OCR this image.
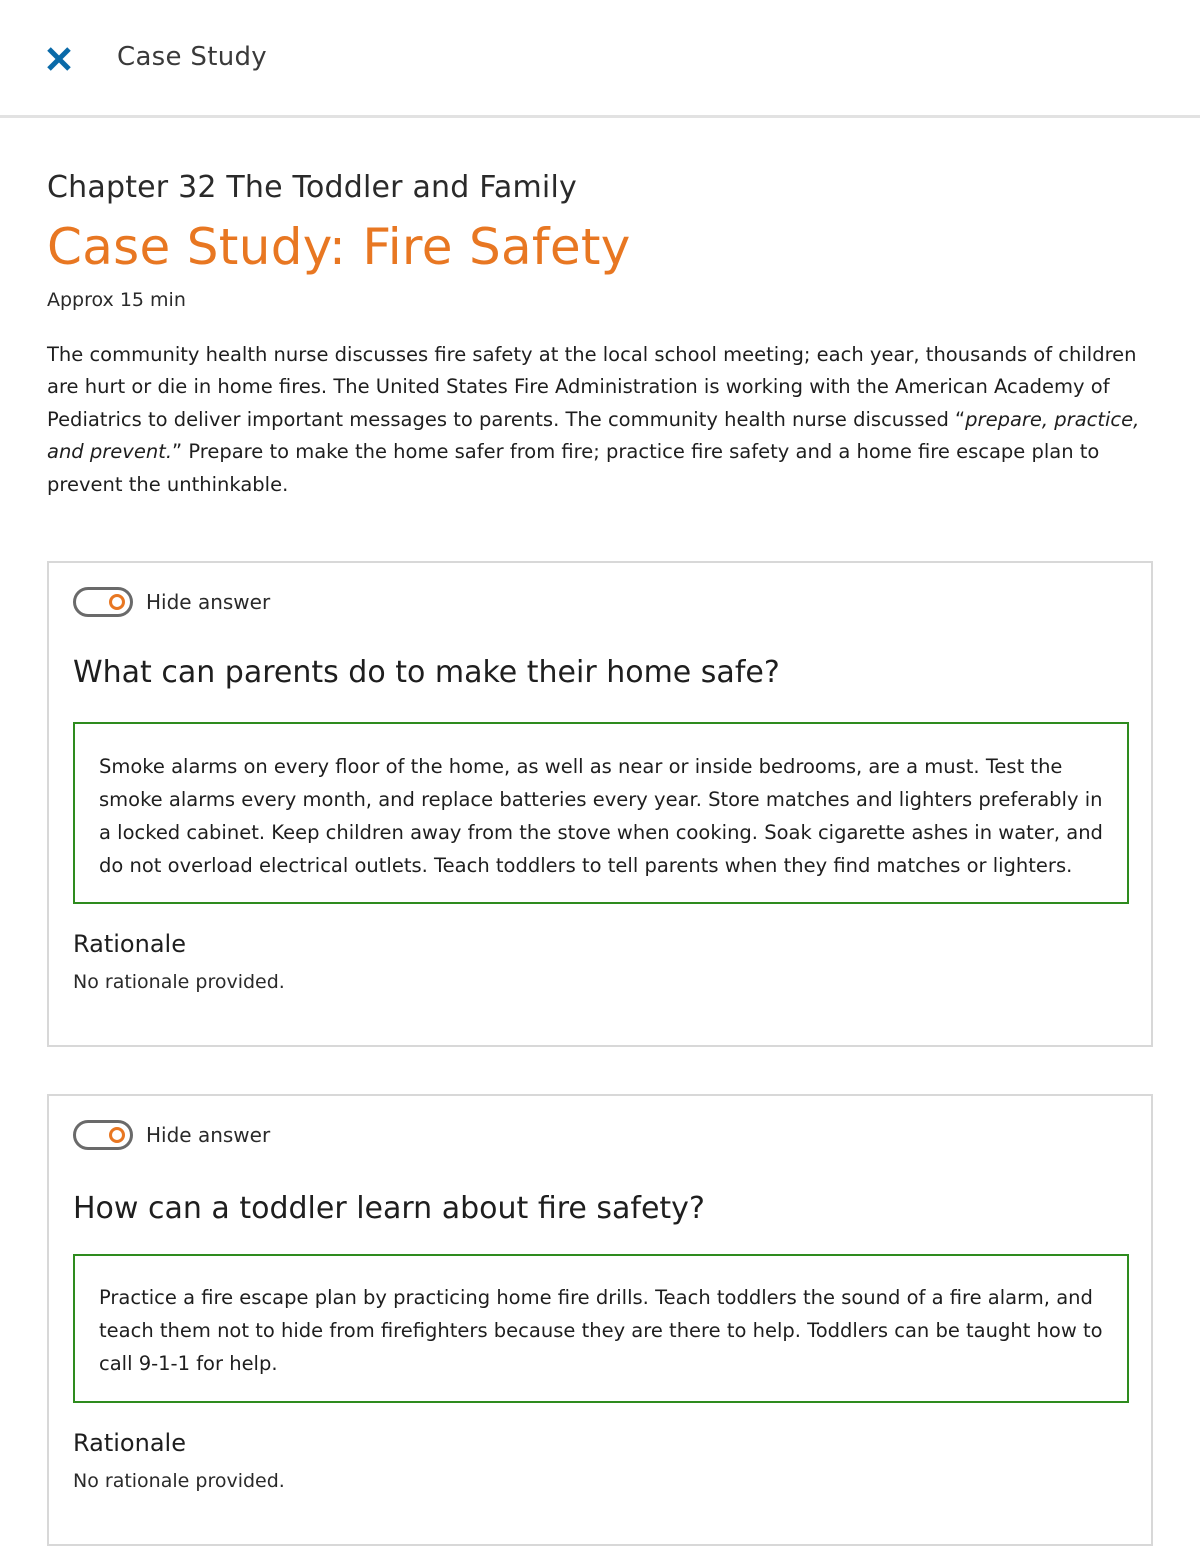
Case Study
Chapter 32 The Toddler and Family
Case Study: Fire Safety
Approx 15 min

The community health nurse discusses fire safety at the local school meeting; each year, thousands of children are hurt or die in home fires. The United States Fire Administration is working with the American Academy of Pediatrics to deliver important messages to parents. The community health nurse discussed “prepare, practice, and prevent.” Prepare to make the home safer from fire; practice fire safety and a home fire escape plan to prevent the unthinkable.

Hide answer
What can parents do to make their home safe?
Smoke alarms on every floor of the home, as well as near or inside bedrooms, are a must. Test the smoke alarms every month, and replace batteries every year. Store matches and lighters preferably in a locked cabinet. Keep children away from the stove when cooking. Soak cigarette ashes in water, and do not overload electrical outlets. Teach toddlers to tell parents when they find matches or lighters.
Rationale
No rationale provided.
Hide answer
How can a toddler learn about fire safety?
Practice a fire escape plan by practicing home fire drills. Teach toddlers the sound of a fire alarm, and teach them not to hide from firefighters because they are there to help. Toddlers can be taught how to call 9-1-1 for help.
Rationale
No rationale provided.
